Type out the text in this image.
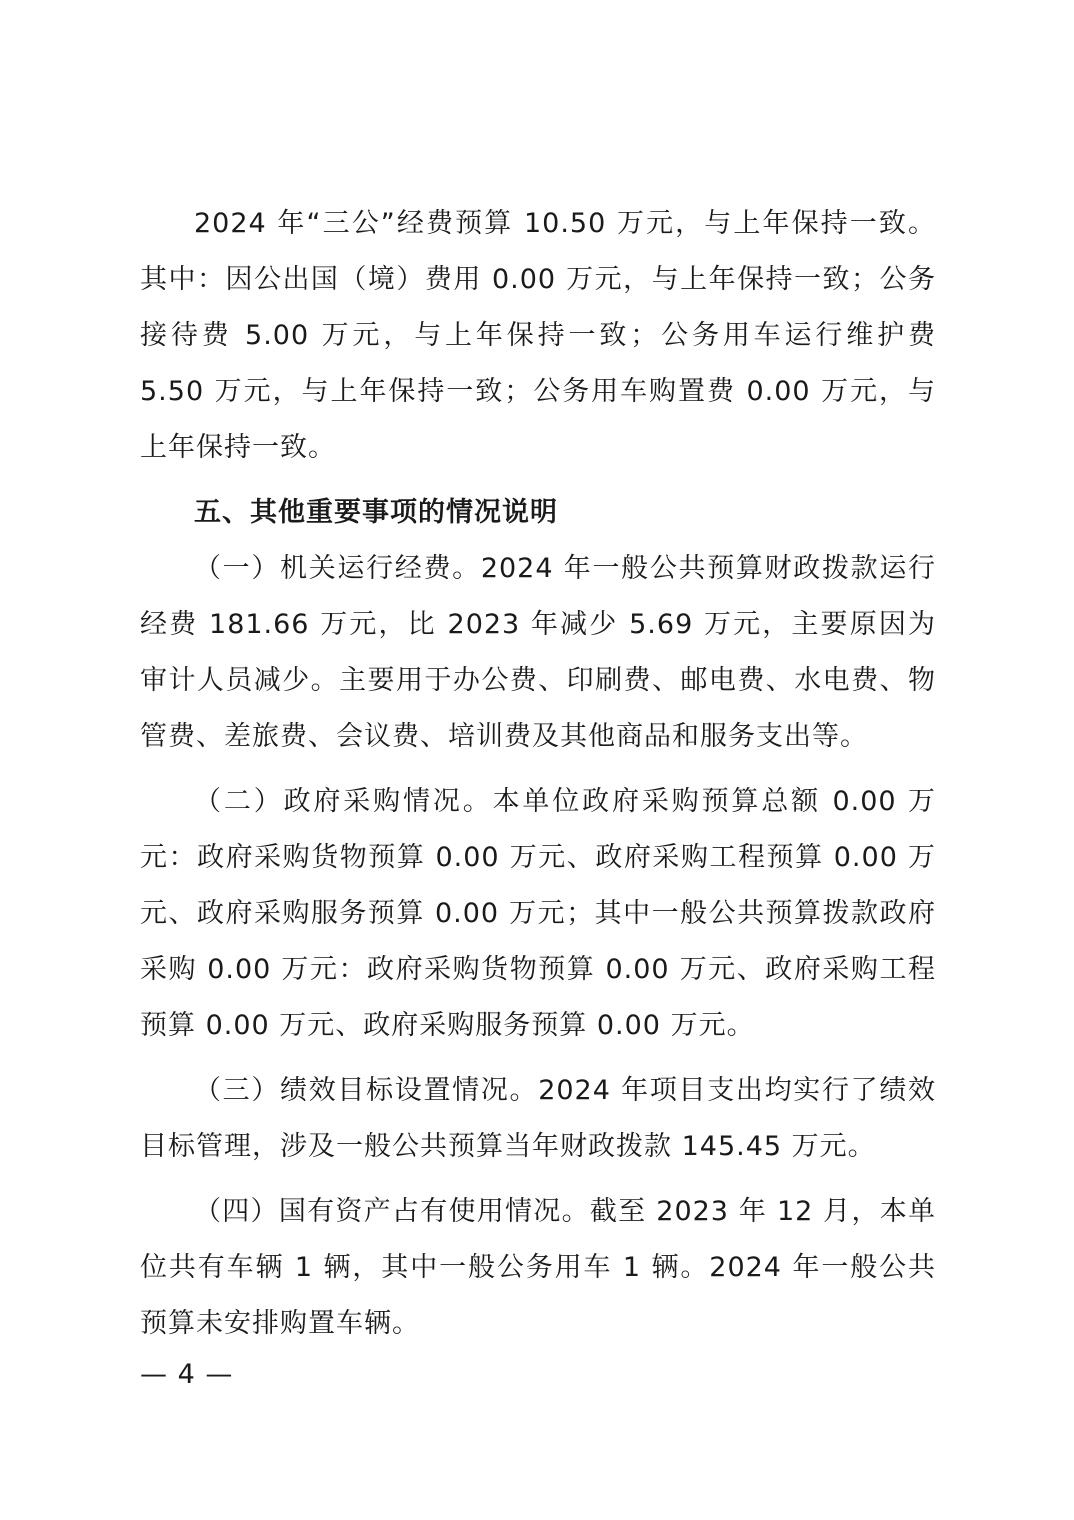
2024 年“三公”经费预算 10.50 万元，与上年保持一致。其中：因公出国（境）费用 0.00 万元，与上年保持一致；公务接待费 5.00 万元，与上年保持一致；公务用车运行维护费 5.50 万元，与上年保持一致；公务用车购置费 0.00 万元，与上年保持一致。

五、其他重要事项的情况说明

（一）机关运行经费。2024 年一般公共预算财政拨款运行经费 181.66 万元，比 2023 年减少 5.69 万元，主要原因为审计人员减少。主要用于办公费、印刷费、邮电费、水电费、物管费、差旅费、会议费、培训费及其他商品和服务支出等。

（二）政府采购情况。本单位政府采购预算总额 0.00 万元：政府采购货物预算 0.00 万元、政府采购工程预算 0.00 万元、政府采购服务预算 0.00 万元；其中一般公共预算拨款政府采购 0.00 万元：政府采购货物预算 0.00 万元、政府采购工程预算 0.00 万元、政府采购服务预算 0.00 万元。

（三）绩效目标设置情况。2024 年项目支出均实行了绩效目标管理，涉及一般公共预算当年财政拨款 145.45 万元。

（四）国有资产占有使用情况。截至 2023 年 12 月，本单位共有车辆 1 辆，其中一般公务用车 1 辆。2024 年一般公共预算未安排购置车辆。

— 4 —
